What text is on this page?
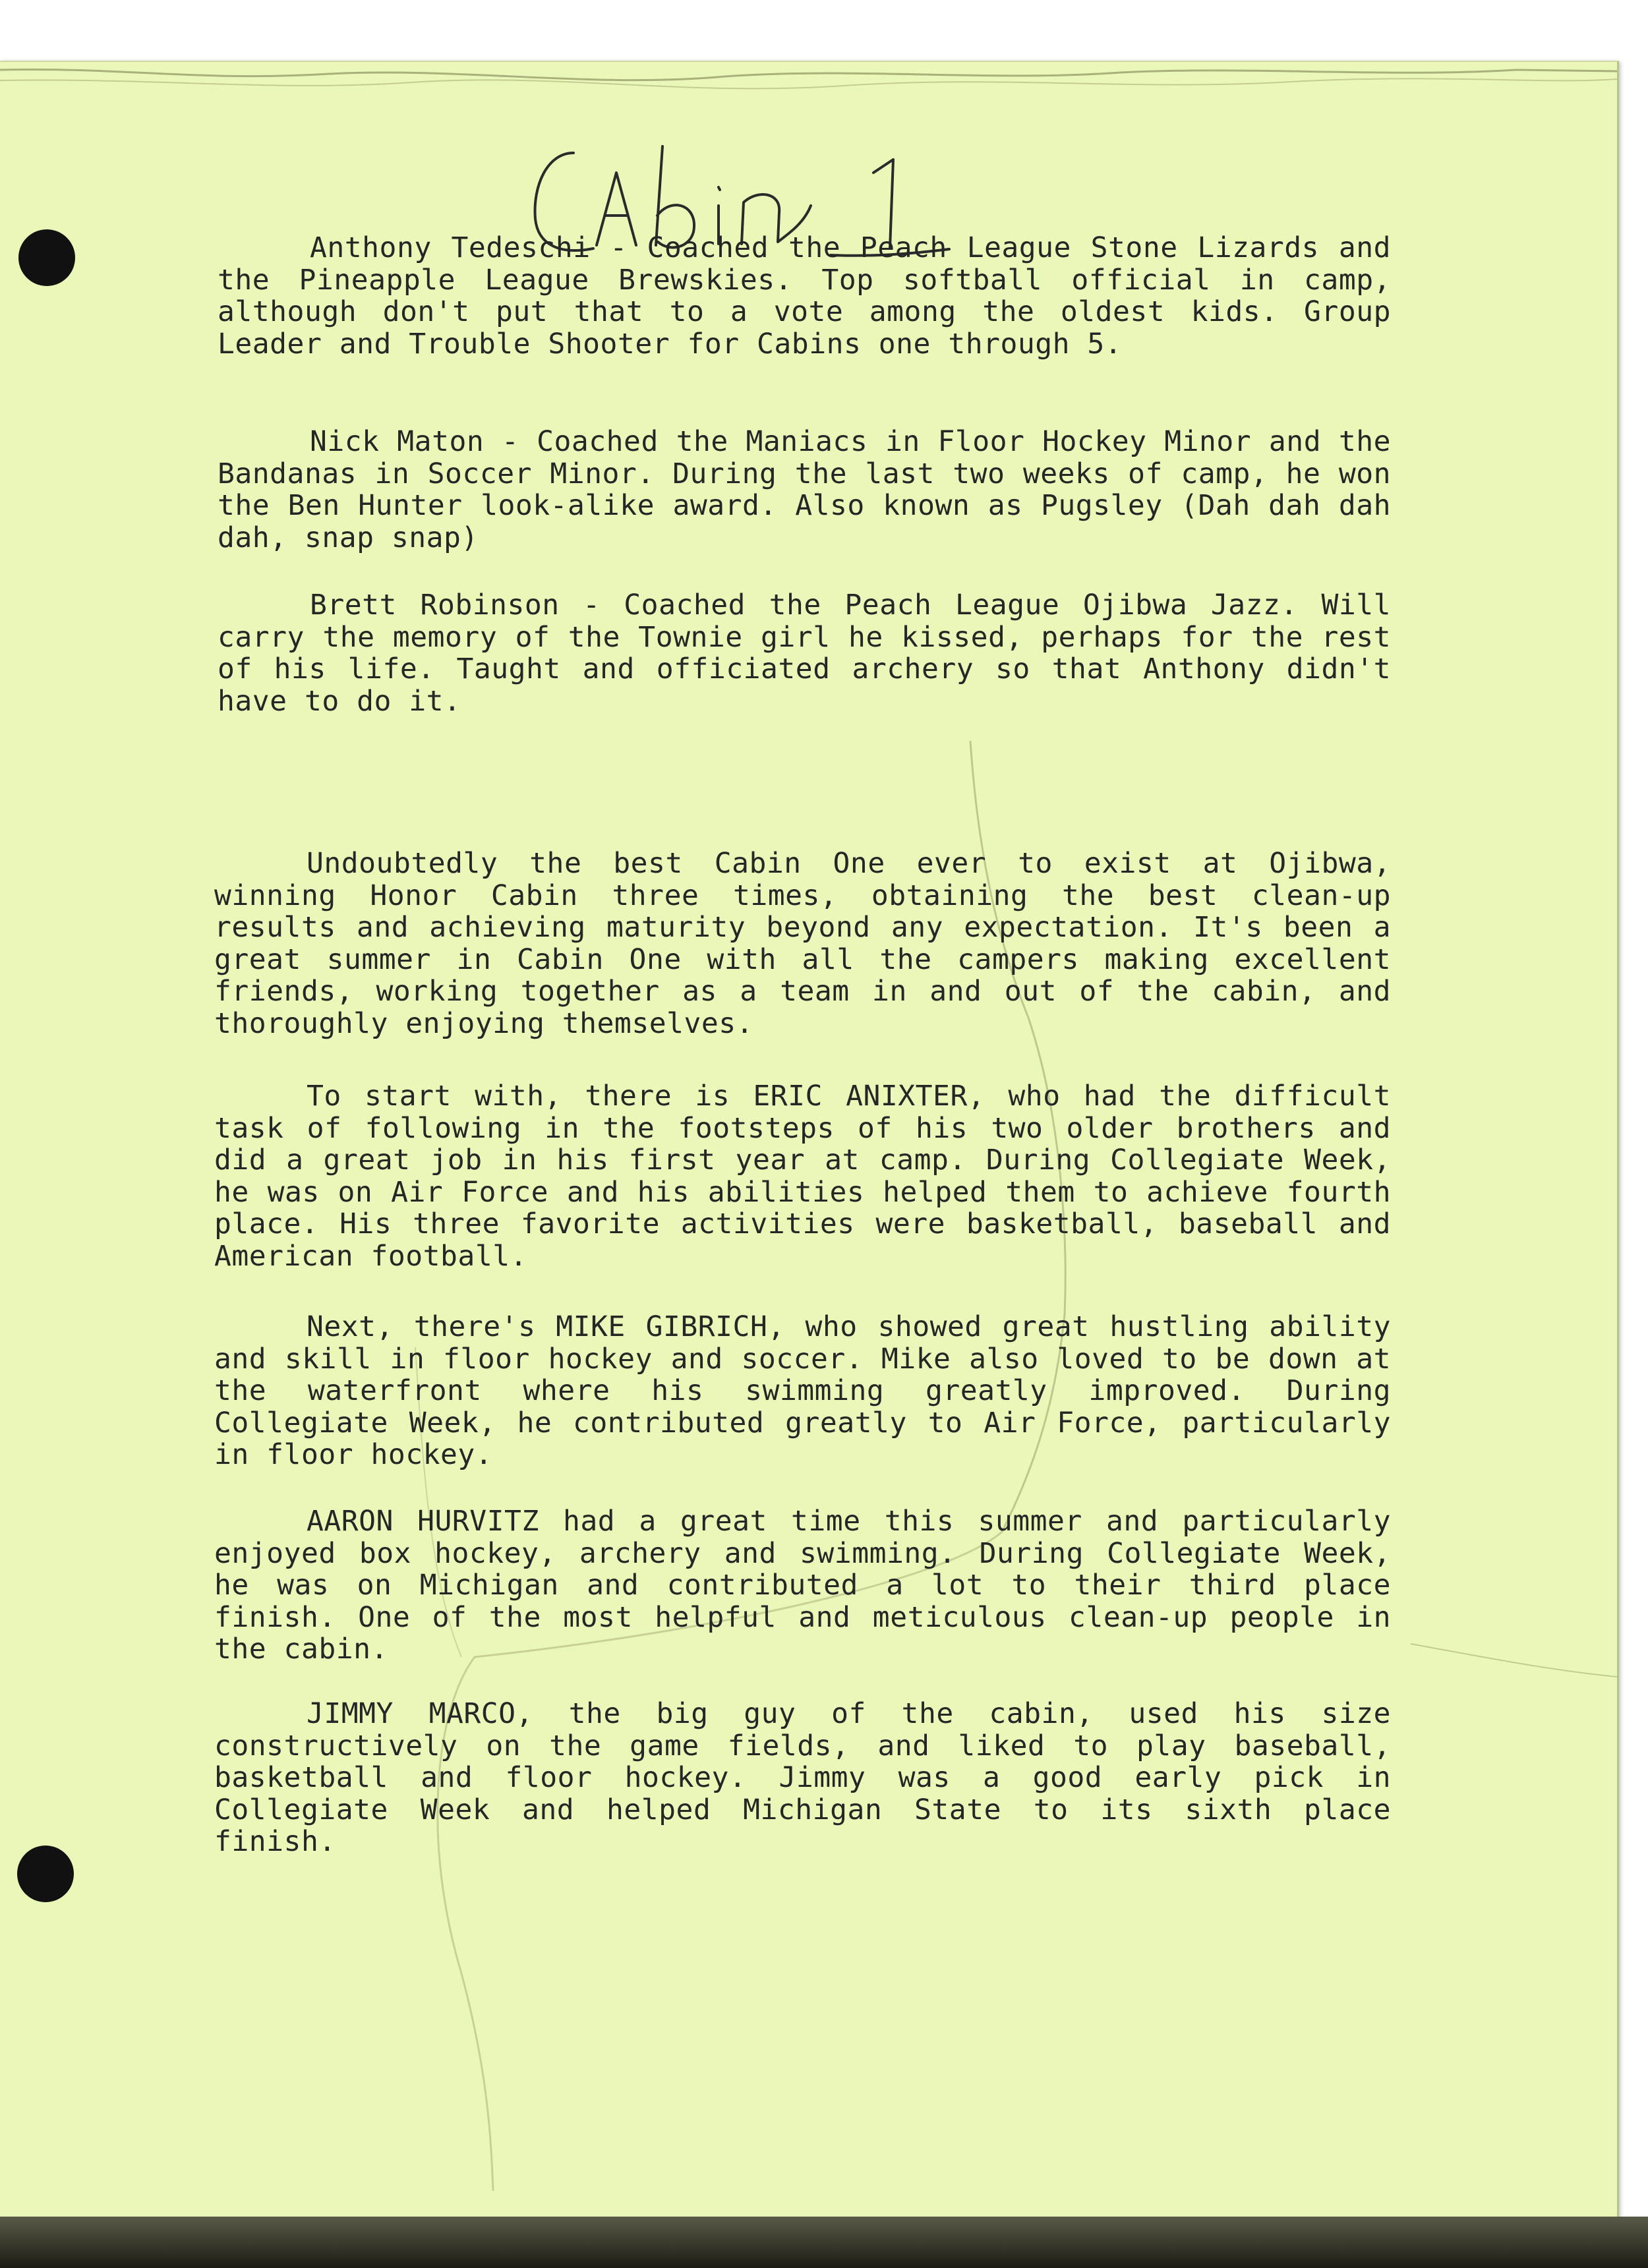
Anthony Tedeschi - Coached the Peach League Stone Lizards and the Pineapple League Brewskies. Top softball official in camp, although don't put that to a vote among the oldest kids. Group Leader and Trouble Shooter for Cabins one through 5.

Nick Maton - Coached the Maniacs in Floor Hockey Minor and the Bandanas in Soccer Minor. During the last two weeks of camp, he won the Ben Hunter look-alike award. Also known as Pugsley (Dah dah dah dah, snap snap)

Brett Robinson - Coached the Peach League Ojibwa Jazz. Will carry the memory of the Townie girl he kissed, perhaps for the rest of his life. Taught and officiated archery so that Anthony didn't have to do it.

Undoubtedly the best Cabin One ever to exist at Ojibwa, winning Honor Cabin three times, obtaining the best clean-up results and achieving maturity beyond any expectation. It's been a great summer in Cabin One with all the campers making excellent friends, working together as a team in and out of the cabin, and thoroughly enjoying themselves.

To start with, there is ERIC ANIXTER, who had the difficult task of following in the footsteps of his two older brothers and did a great job in his first year at camp. During Collegiate Week, he was on Air Force and his abilities helped them to achieve fourth place. His three favorite activities were basketball, baseball and American football.

Next, there's MIKE GIBRICH, who showed great hustling ability and skill in floor hockey and soccer. Mike also loved to be down at the waterfront where his swimming greatly improved. During Collegiate Week, he contributed greatly to Air Force, particularly in floor hockey.

AARON HURVITZ had a great time this summer and particularly enjoyed box hockey, archery and swimming. During Collegiate Week, he was on Michigan and contributed a lot to their third place finish. One of the most helpful and meticulous clean-up people in the cabin.

JIMMY MARCO, the big guy of the cabin, used his size constructively on the game fields, and liked to play baseball, basketball and floor hockey. Jimmy was a good early pick in Collegiate Week and helped Michigan State to its sixth place finish.
